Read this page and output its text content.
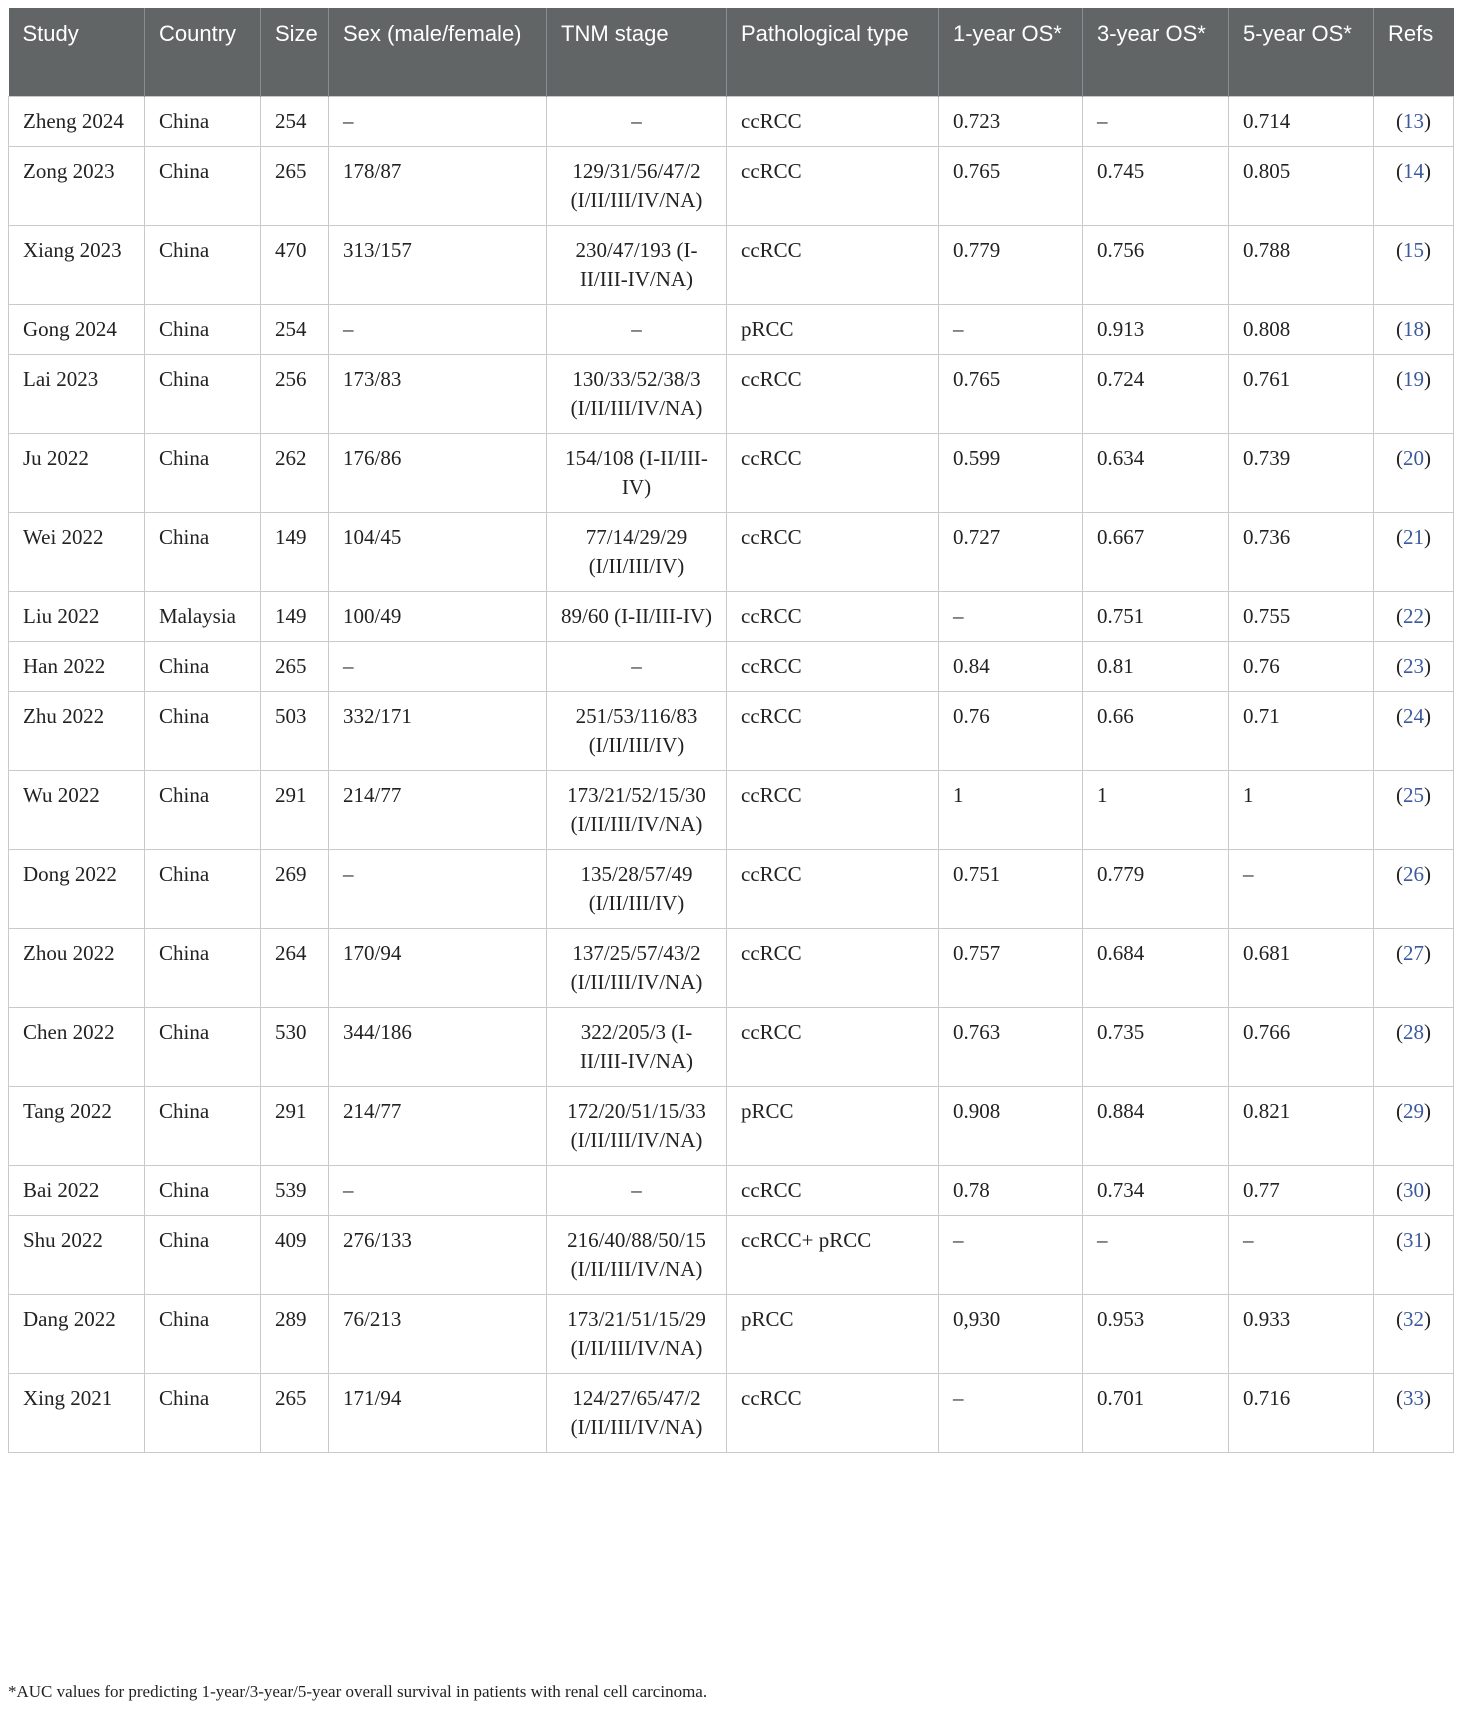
Study	Country	Size	Sex (male/female)	TNM stage	Pathological type	1-year OS*	3-year OS*	5-year OS*	Refs
Zheng 2024	China	254	–	–	ccRCC	0.723	–	0.714	(13)
Zong 2023	China	265	178/87	129/31/56/47/2 (I/II/III/IV/NA)	ccRCC	0.765	0.745	0.805	(14)
Xiang 2023	China	470	313/157	230/47/193 (I-II/III-IV/NA)	ccRCC	0.779	0.756	0.788	(15)
Gong 2024	China	254	–	–	pRCC	–	0.913	0.808	(18)
Lai 2023	China	256	173/83	130/33/52/38/3 (I/II/III/IV/NA)	ccRCC	0.765	0.724	0.761	(19)
Ju 2022	China	262	176/86	154/108 (I-II/III-IV)	ccRCC	0.599	0.634	0.739	(20)
Wei 2022	China	149	104/45	77/14/29/29 (I/II/III/IV)	ccRCC	0.727	0.667	0.736	(21)
Liu 2022	Malaysia	149	100/49	89/60 (I-II/III-IV)	ccRCC	–	0.751	0.755	(22)
Han 2022	China	265	–	–	ccRCC	0.84	0.81	0.76	(23)
Zhu 2022	China	503	332/171	251/53/116/83 (I/II/III/IV)	ccRCC	0.76	0.66	0.71	(24)
Wu 2022	China	291	214/77	173/21/52/15/30 (I/II/III/IV/NA)	ccRCC	1	1	1	(25)
Dong 2022	China	269	–	135/28/57/49 (I/II/III/IV)	ccRCC	0.751	0.779	–	(26)
Zhou 2022	China	264	170/94	137/25/57/43/2 (I/II/III/IV/NA)	ccRCC	0.757	0.684	0.681	(27)
Chen 2022	China	530	344/186	322/205/3 (I-II/III-IV/NA)	ccRCC	0.763	0.735	0.766	(28)
Tang 2022	China	291	214/77	172/20/51/15/33 (I/II/III/IV/NA)	pRCC	0.908	0.884	0.821	(29)
Bai 2022	China	539	–	–	ccRCC	0.78	0.734	0.77	(30)
Shu 2022	China	409	276/133	216/40/88/50/15 (I/II/III/IV/NA)	ccRCC+ pRCC	–	–	–	(31)
Dang 2022	China	289	76/213	173/21/51/15/29 (I/II/III/IV/NA)	pRCC	0,930	0.953	0.933	(32)
Xing 2021	China	265	171/94	124/27/65/47/2 (I/II/III/IV/NA)	ccRCC	–	0.701	0.716	(33)
*AUC values for predicting 1-year/3-year/5-year overall survival in patients with renal cell carcinoma.
